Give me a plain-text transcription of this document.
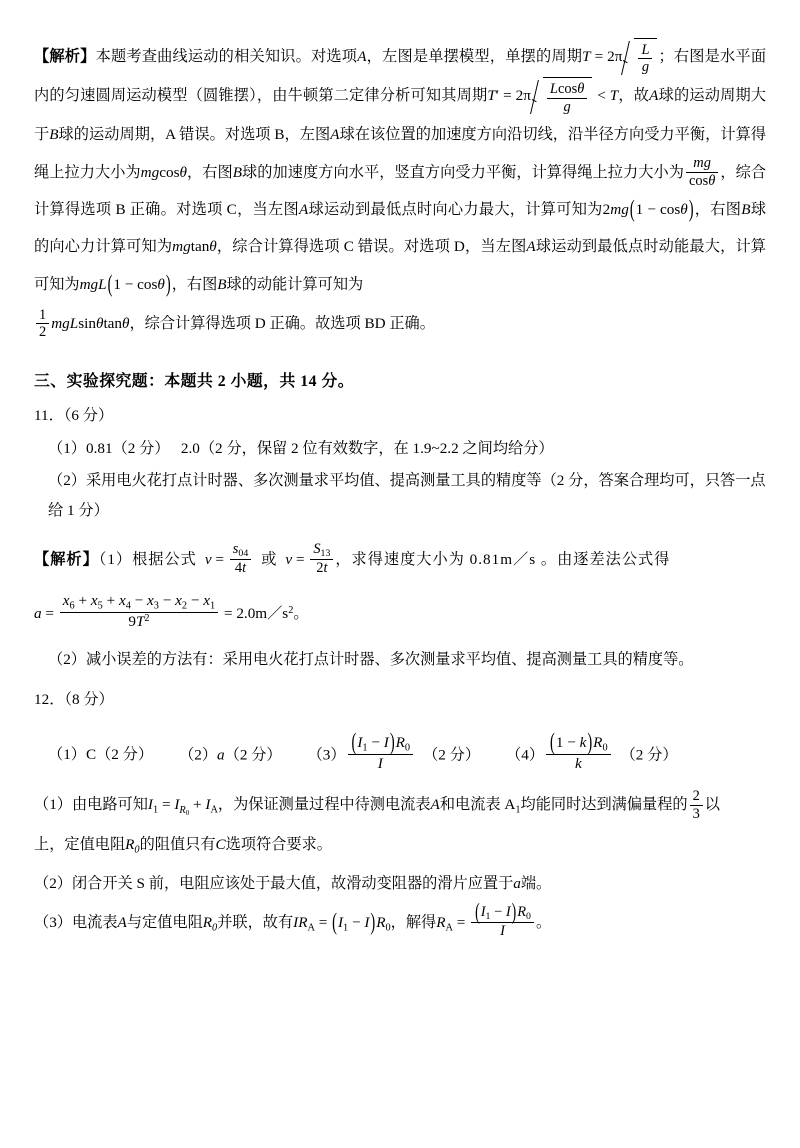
【解析】本题考查曲线运动的相关知识。对选项A，左图是单摆模型，单摆的周期$T = 2\pi \frac{L}{g}$ ；右图是水平面内的匀速圆周运动模型（圆锥摆），由牛顿第二定律分析可知其周期$T' = 2\pi \frac{Lcos\theta}{g} < T$，故A球的运动周期大于B球的运动周期，A 错误。对选项 B，左图A球在该位置的加速度方向沿切线，沿半径方向受力平衡，计算得绳上拉力大小为mgcosθ，右图B球的加速度方向水平，竖直方向受力平衡，计算得绳上拉力大小为 $\frac{mg}{\cos\theta}$ ，综合计算得选项 B 正确。对选项 C，当左图A球运动到最低点时向心力最大，计算可知为2mg(1 − cosθ)，右图B球的向心力计算可知为mgtanθ，综合计算得选项 C 错误。对选项 D，当左图A球运动到最低点时动能最大，计算可知为mgL(1 − cosθ)，右图B球的动能计算可知为
$\frac{1}{2}$ mgLsinθtanθ，综合计算得选项 D 正确。故选项 BD 正确。
三、实验探究题：本题共 2 小题，共 14 分。
11．（6 分）
（1）0.81（2 分）　 2.0（2 分，保留 2 位有效数字，在 1.9~2.2 之间均给分）
（2）采用电火花打点计时器、多次测量求平均值、提高测量工具的精度等（2 分，答案合理均可，只答一点给 1 分）
【解析】（1）根据公式 $v = \frac{s_{04}}{4t}$ 或 $v = \frac{S_{13}}{2t}$ ，求得速度大小为 0.81m／s 。由逐差法公式得
$a = \frac{x_6 + x_5 + x_4 - x_3 - x_2 - x_1}{9T^2}$ = $2.0m/s^2$。
（2）减小误差的方法有：采用电火花打点计时器、多次测量求平均值、提高测量工具的精度等。
12．（8 分）
（1）C（2 分） （2）a（2 分） $(3) \frac{(I_1 - I)R_0}{I} (2$ 分） $(4) \frac{(1 - k)R_0}{k} (2$ 分）
（1）由电路可知$I_1 = I_{R_0} + I_A$，为保证测量过程中待测电流表A和电流表 $A_1$均能同时达到满偏量程的 $\frac{2}{3}$ 以
上，定值电阻$R_0$的阻值只有C选项符合要求。
（2）闭合开关 S 前，电阻应该处于最大值，故滑动变阻器的滑片应置于a端。
（3）电流表A与定值电阻$R_0$并联，故有$IR_A = (I_1 - I)R_0$，解得$R_A = \frac{(I_1 - I)R_0}{I}$ 。
